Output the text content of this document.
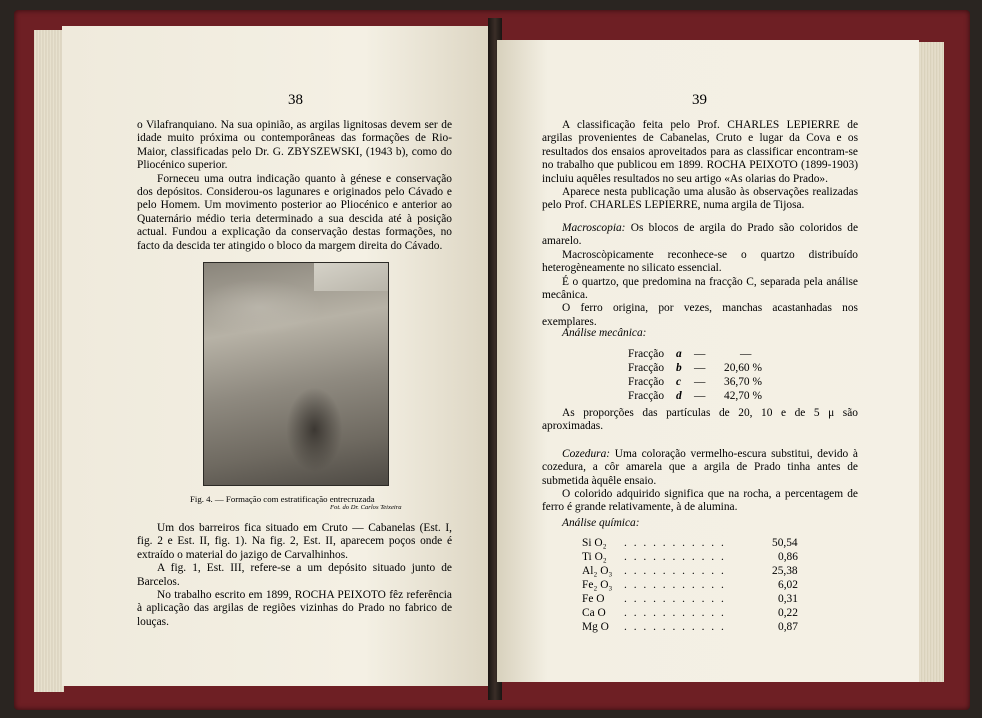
38

o Vilafranquiano. Na sua opinião, as argilas lignitosas devem ser de idade muito próxima ou contemporâneas das formações de Rio-Maior, classificadas pelo Dr. G. ZBYSZEWSKI, (1943 b), como do Pliocénico superior.

Forneceu uma outra indicação quanto à génese e conservação dos depósitos. Considerou-os lagunares e originados pelo Cávado e pelo Homem. Um movimento posterior ao Pliocénico e anterior ao Quaternário médio teria determinado a sua descida até à posição actual. Fundou a explicação da conservação destas formações, no facto da descida ter atingido o bloco da margem direita do Cávado.

Fig. 4. — Formação com estratificação entrecruzada
Fot. do Dr. Carlos Teixeira

Um dos barreiros fica situado em Cruto — Cabanelas (Est. I, fig. 2 e Est. II, fig. 1). Na fig. 2, Est. II, aparecem poços onde é extraído o material do jazigo de Carvalhinhos.

A fig. 1, Est. III, refere-se a um depósito situado junto de Barcelos.

No trabalho escrito em 1899, ROCHA PEIXOTO fêz referência à aplicação das argilas de regiões vizinhas do Prado no fabrico de louças.

39

A classificação feita pelo Prof. CHARLES LEPIERRE de argilas provenientes de Cabanelas, Cruto e lugar da Cova e os resultados dos ensaios aproveitados para as classificar encontram-se no trabalho que publicou em 1899. ROCHA PEIXOTO (1899-1903) incluiu aquêles resultados no seu artigo «As olarias do Prado».

Aparece nesta publicação uma alusão às observações realizadas pelo Prof. CHARLES LEPIERRE, numa argila de Tijosa.

Macroscopia: Os blocos de argila do Prado são coloridos de amarelo.

Macroscòpicamente reconhece-se o quartzo distribuído heterogèneamente no silicato essencial.

É o quartzo, que predomina na fracção C, separada pela análise mecânica.

O ferro origina, por vezes, manchas acastanhadas nos exemplares.

Análise mecânica:
Fracção a —	—
Fracção b — 20,60 %
Fracção c — 36,70 %
Fracção d — 42,70 %

As proporções das partículas de 20, 10 e de 5 μ são aproximadas.

Cozedura: Uma coloração vermelho-escura substitui, devido à cozedura, a côr amarela que a argila de Prado tinha antes de submetida àquêle ensaio.

O colorido adquirido significa que na rocha, a percentagem de ferro é grande relativamente, à de alumina.

Análise química:
Si O₂ . . . . . . . . . . .	50,54
Ti O₂ . . . . . . . . . . .	0,86
Al₂ O₃ . . . . . . . . . . .	25,38
Fe₂ O₃ . . . . . . . . . . .	6,02
Fe O . . . . . . . . . . .	0,31
Ca O . . . . . . . . . . .	0,22
Mg O . . . . . . . . . . .	0,87
